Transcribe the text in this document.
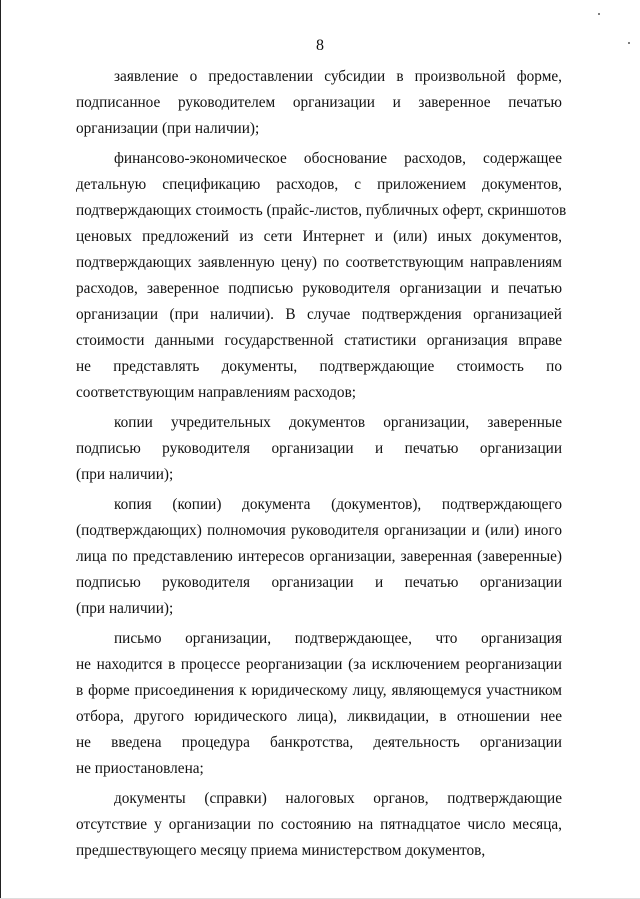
8
заявление о предоставлении субсидии в произвольной форме,
подписанное руководителем организации и заверенное печатью
организации (при наличии);
финансово-экономическое обоснование расходов, содержащее
детальную спецификацию расходов, с приложением документов,
подтверждающих стоимость (прайс-листов, публичных оферт, скриншотов
ценовых предложений из сети Интернет и (или) иных документов,
подтверждающих заявленную цену) по соответствующим направлениям
расходов, заверенное подписью руководителя организации и печатью
организации (при наличии). В случае подтверждения организацией
стоимости данными государственной статистики организация вправе
не представлять документы, подтверждающие стоимость по
соответствующим направлениям расходов;
копии учредительных документов организации, заверенные
подписью руководителя организации и печатью организации
(при наличии);
копия (копии) документа (документов), подтверждающего
(подтверждающих) полномочия руководителя организации и (или) иного
лица по представлению интересов организации, заверенная (заверенные)
подписью руководителя организации и печатью организации
(при наличии);
письмо организации, подтверждающее, что организация
не находится в процессе реорганизации (за исключением реорганизации
в форме присоединения к юридическому лицу, являющемуся участником
отбора, другого юридического лица), ликвидации, в отношении нее
не введена процедура банкротства, деятельность организации
не приостановлена;
документы (справки) налоговых органов, подтверждающие
отсутствие у организации по состоянию на пятнадцатое число месяца,
предшествующего месяцу приема министерством документов,
